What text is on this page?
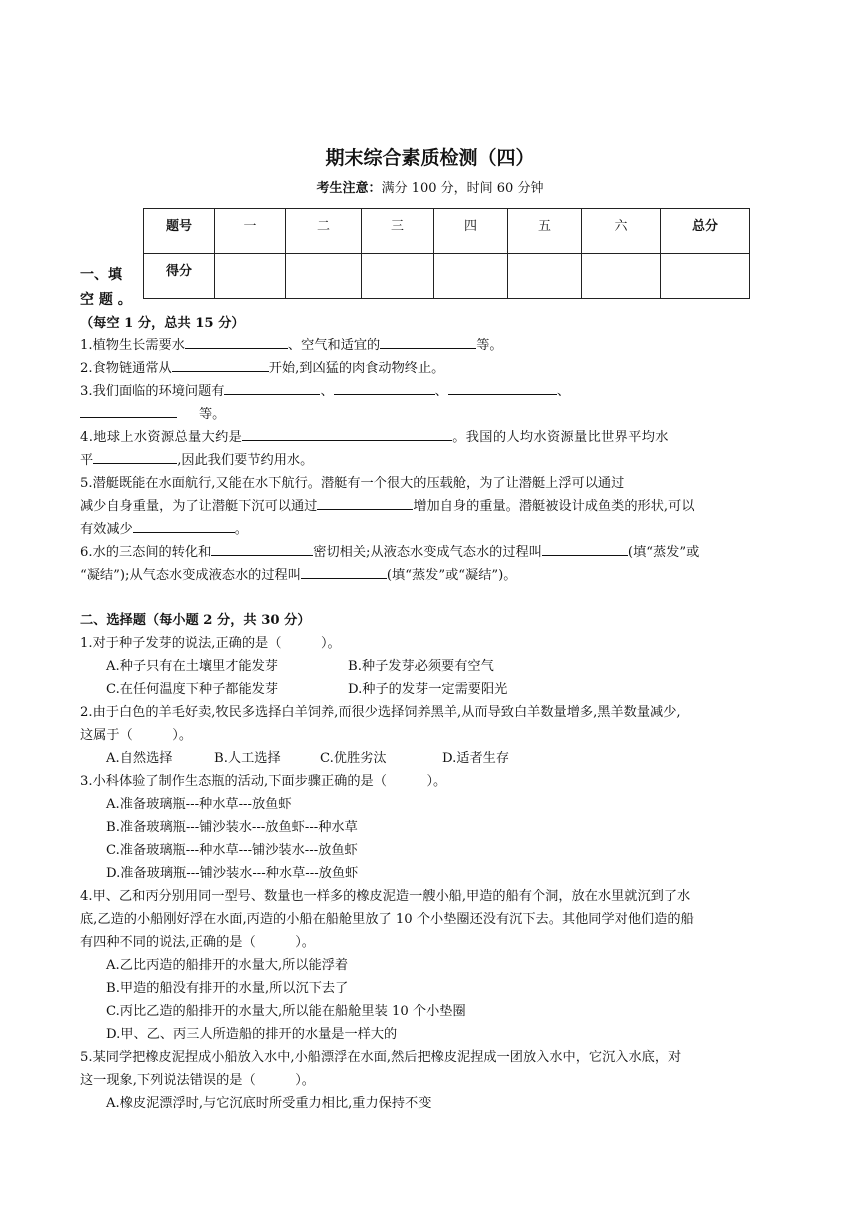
期末综合素质检测（四）
考生注意：满分 100 分，时间 60 分钟
题号	一	二	三	四	五	六	总分
得分							
一、填
空 题 。
（每空 1 分，总共 15 分）
1.植物生长需要水	、空气和适宜的	等。
2.食物链通常从	开始,到凶猛的肉食动物终止。
3.我们面临的环境问题有	、	、	、
等。
4.地球上水资源总量大约是	。我国的人均水资源量比世界平均水
平	,因此我们要节约用水。
5.潜艇既能在水面航行,又能在水下航行。潜艇有一个很大的压载舱，为了让潜艇上浮可以通过
减少自身重量，为了让潜艇下沉可以通过	增加自身的重量。潜艇被设计成鱼类的形状,可以
有效减少	。
6.水的三态间的转化和	密切相关;从液态水变成气态水的过程叫	(填“蒸发”或
“凝结”);从气态水变成液态水的过程叫	(填“蒸发”或“凝结”)。
二、选择题（每小题 2 分，共 30 分）
1.对于种子发芽的说法,正确的是（　　　）。
A.种子只有在土壤里才能发芽	B.种子发芽必须要有空气
C.在任何温度下种子都能发芽	D.种子的发芽一定需要阳光
2.由于白色的羊毛好卖,牧民多选择白羊饲养,而很少选择饲养黑羊,从而导致白羊数量增多,黑羊数量减少,
这属于（　　　）。
A.自然选择	B.人工选择	C.优胜劣汰	D.适者生存
3.小科体验了制作生态瓶的活动,下面步骤正确的是（　　　）。
A.准备玻璃瓶---种水草---放鱼虾
B.准备玻璃瓶---铺沙装水---放鱼虾---种水草
C.准备玻璃瓶---种水草---铺沙装水---放鱼虾
D.准备玻璃瓶---铺沙装水---种水草---放鱼虾
4.甲、乙和丙分别用同一型号、数量也一样多的橡皮泥造一艘小船,甲造的船有个洞，放在水里就沉到了水
底,乙造的小船刚好浮在水面,丙造的小船在船舱里放了 10 个小垫圈还没有沉下去。其他同学对他们造的船
有四种不同的说法,正确的是（　　　）。
A.乙比丙造的船排开的水量大,所以能浮着
B.甲造的船没有排开的水量,所以沉下去了
C.丙比乙造的船排开的水量大,所以能在船舱里装 10 个小垫圈
D.甲、乙、丙三人所造船的排开的水量是一样大的
5.某同学把橡皮泥捏成小船放入水中,小船漂浮在水面,然后把橡皮泥捏成一团放入水中，它沉入水底，对
这一现象,下列说法错误的是（　　　）。
A.橡皮泥漂浮时,与它沉底时所受重力相比,重力保持不变
